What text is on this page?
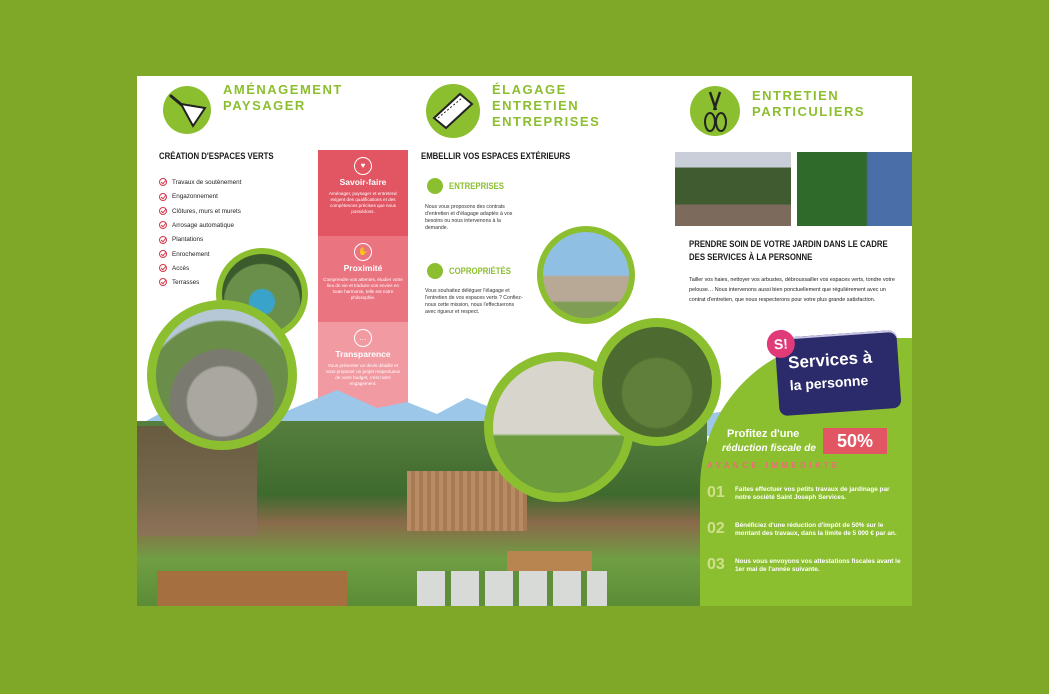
AMÉNAGEMENT
PAYSAGER
CRÉATION D'ESPACES VERTS
Travaux de soutènement
Engazonnement
Clôtures, murs et murets
Arrosage automatique
Plantations
Enrochement
Accès
Terrasses
♥
Savoir-faire
Aménager, paysager et entretenir exigent des qualifications et des compétences précises que nous possédons.
✋
Proximité
Comprendre vos attentes, étudier votre lieu de vie et traduire vos envies en toute harmonie, telle est notre philosophie.
…
Transparence
Vous présenter un devis détaillé et vous proposer un projet respectueux de votre budget, c'est notre engagement.
ÉLAGAGE
ENTRETIEN
ENTREPRISES
EMBELLIR VOS ESPACES EXTÉRIEURS
ENTREPRISES
Nous vous proposons des contrats d'entretien et d'élagage adaptés à vos besoins ou nous intervenons à la demande.
COPROPRIÉTÉS
Vous souhaitez déléguer l'élagage et l'entretien de vos espaces verts ? Confiez-nous cette mission, nous l'effectuerons avec rigueur et respect.
ENTRETIEN
PARTICULIERS
PRENDRE SOIN DE VOTRE JARDIN DANS LE CADRE
DES SERVICES À LA PERSONNE
Tailler vos haies, nettoyer vos arbustes, débroussailler vos espaces verts, tondre votre pelouse… Nous intervenons aussi bien ponctuellement que régulièrement avec un contrat d'entretien, que nous respecterons pour votre plus grande satisfaction.
S!
Services à
la personne
Profitez d'une
réduction fiscale de	50%
AVANCE IMMEDIATE
01 Faites effectuer vos petits travaux de jardinage par notre société Saint Joseph Services.
02 Bénéficiez d'une réduction d'impôt de 50% sur le montant des travaux, dans la limite de 5 000 € par an.
03 Nous vous envoyons vos attestations fiscales avant le 1er mai de l'année suivante.
